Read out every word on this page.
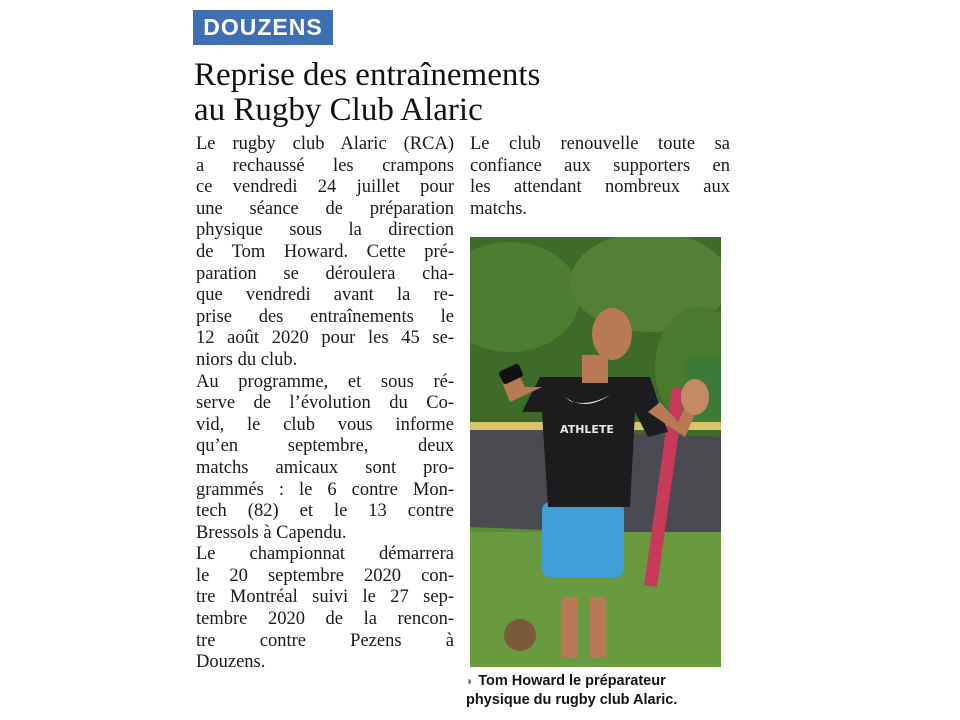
DOUZENS
Reprise des entraînements
au Rugby Club Alaric
Le rugby club Alaric (RCA)
a rechaussé les crampons
ce vendredi 24 juillet pour
une séance de préparation
physique sous la direction
de Tom Howard. Cette pré-
paration se déroulera cha-
que vendredi avant la re-
prise des entraînements le
12 août 2020 pour les 45 se-
niors du club.
Au programme, et sous ré-
serve de l’évolution du Co-
vid, le club vous informe
qu’en septembre, deux
matchs amicaux sont pro-
grammés : le 6 contre Mon-
tech (82) et le 13 contre
Bressols à Capendu.
Le championnat démarrera
le 20 septembre 2020 con-
tre Montréal suivi le 27 sep-
tembre 2020 de la rencon-
tre contre Pezens à
Douzens.
Le club renouvelle toute sa
confiance aux supporters en
les attendant nombreux aux
matchs.
ATHLETE
◗ Tom Howard le préparateur
physique du rugby club Alaric.
